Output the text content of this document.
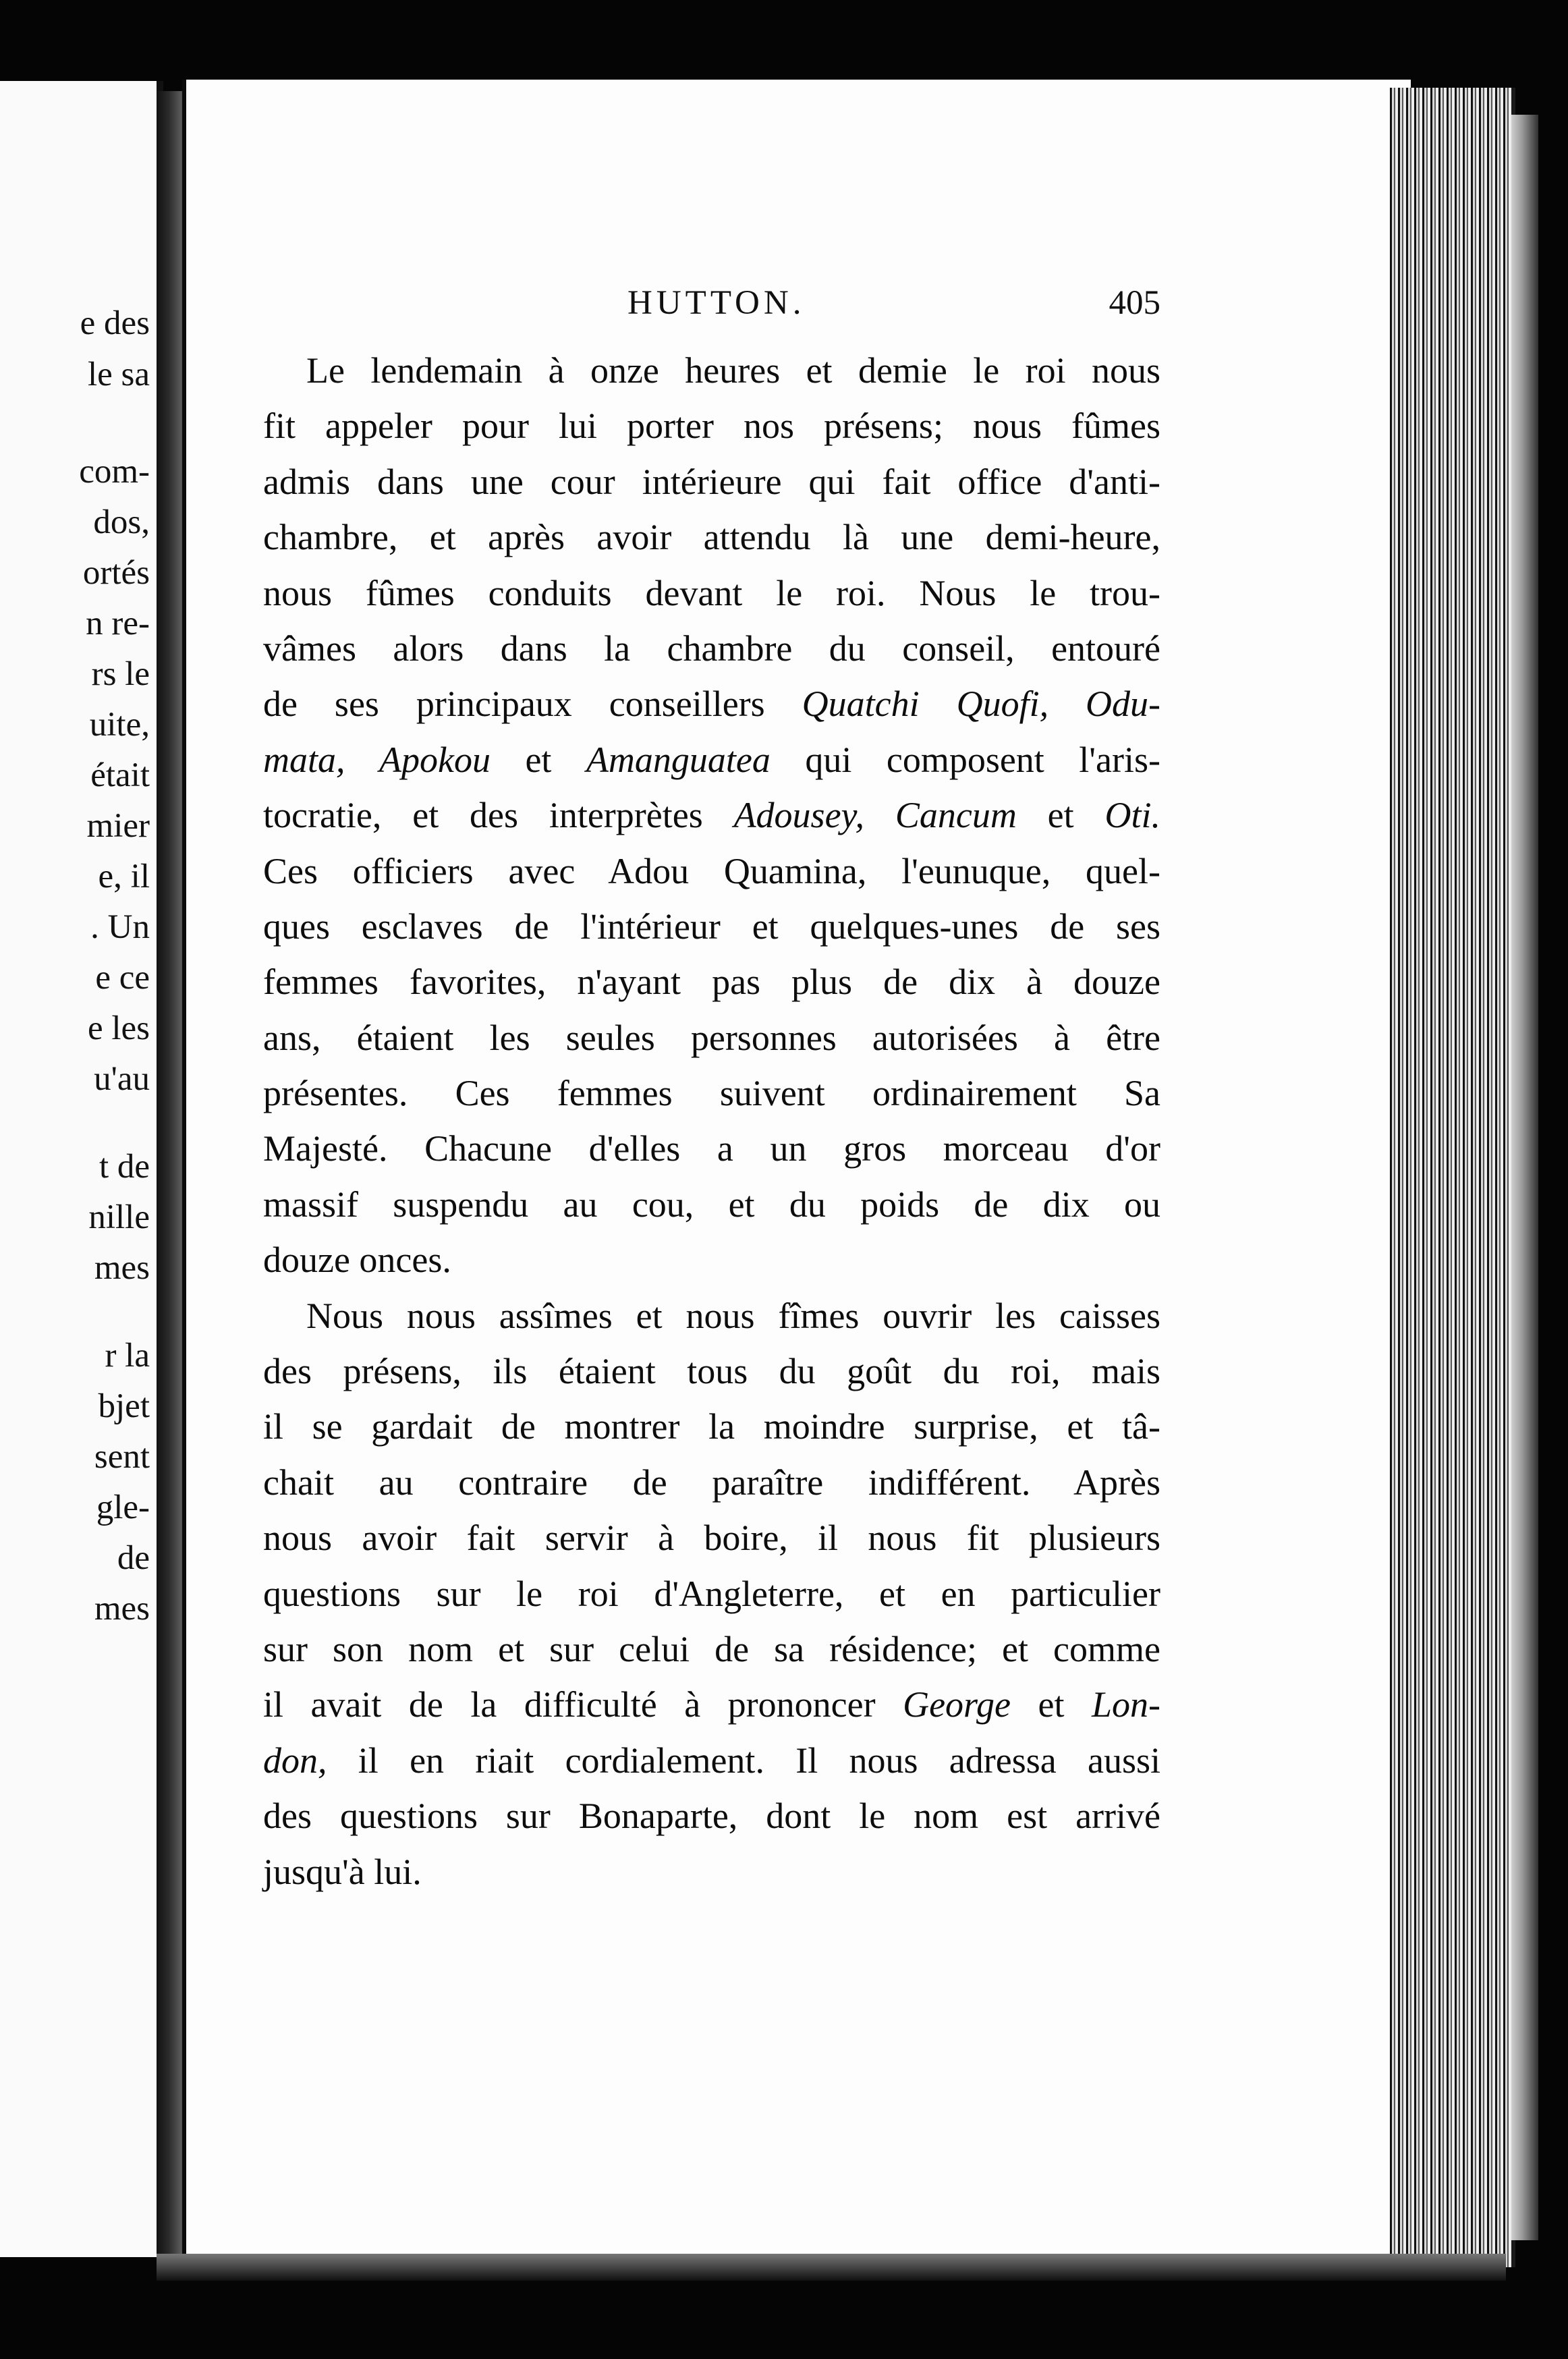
e des
le sa
com-
dos,
ortés
n re-
rs le
uite,
était
mier
e, il
. Un
e ce
e les
u'au
t de
nille
mes
r la
bjet
sent
gle-
de
mes
HUTTON.	405
Le lendemain à onze heures et demie le roi nous
fit appeler pour lui porter nos présens; nous fûmes
admis dans une cour intérieure qui fait office d'anti-
chambre, et après avoir attendu là une demi-heure,
nous fûmes conduits devant le roi. Nous le trou-
vâmes alors dans la chambre du conseil, entouré
de ses principaux conseillers Quatchi Quofi, Odu-
mata, Apokou et Amanguatea qui composent l'aris-
tocratie, et des interprètes Adousey, Cancum et Oti.
Ces officiers avec Adou Quamina, l'eunuque, quel-
ques esclaves de l'intérieur et quelques-unes de ses
femmes favorites, n'ayant pas plus de dix à douze
ans, étaient les seules personnes autorisées à être
présentes. Ces femmes suivent ordinairement Sa
Majesté. Chacune d'elles a un gros morceau d'or
massif suspendu au cou, et du poids de dix ou
douze onces.
Nous nous assîmes et nous fîmes ouvrir les caisses
des présens, ils étaient tous du goût du roi, mais
il se gardait de montrer la moindre surprise, et tâ-
chait au contraire de paraître indifférent. Après
nous avoir fait servir à boire, il nous fit plusieurs
questions sur le roi d'Angleterre, et en particulier
sur son nom et sur celui de sa résidence; et comme
il avait de la difficulté à prononcer George et Lon-
don, il en riait cordialement. Il nous adressa aussi
des questions sur Bonaparte, dont le nom est arrivé
jusqu'à lui.
